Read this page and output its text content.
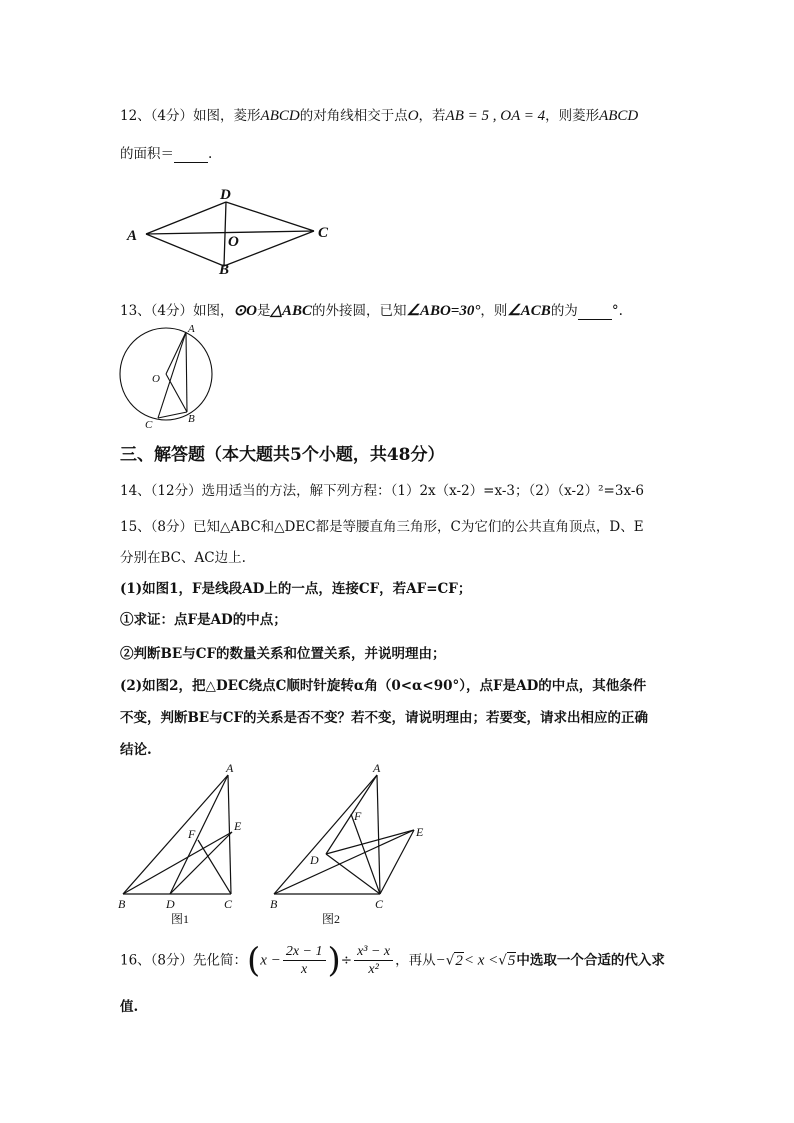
12、（4分）如图，菱形ABCD的对角线相交于点O，若AB = 5 , OA = 4，则菱形ABCD
的面积＝	.
A
B
C
D
O
13、（4分）如图，⊙O是△ABC的外接圆，已知∠ABO=30°，则∠ACB的为	°.
A
B
C
O
三、解答题（本大题共5个小题，共48分）
14、（12分）选用适当的方法，解下列方程：（1）2x（x-2）=x-3；（2）（x-2）²=3x-6
15、（8分）已知△ABC和△DEC都是等腰直角三角形，C为它们的公共直角顶点，D、E
分别在BC、AC边上.
(1)如图1，F是线段AD上的一点，连接CF，若AF=CF；
①求证：点F是AD的中点；
②判断BE与CF的数量关系和位置关系，并说明理由；
(2)如图2，把△DEC绕点C顺时针旋转α角（0<α<90°），点F是AD的中点，其他条件
不变，判断BE与CF的关系是否不变？若不变，请说明理由；若要变，请求出相应的正确
结论.
A
B	C
D
E
F
图1
A
B	C
D
E
F
图2
16、（8分）先化简：($x - \frac{2x - 1}{x}$ )÷ $\frac{\text{x³ − x}}{\text{x²}}$ ，再从−√2< x <√5中选取一个合适的代入求
值.
